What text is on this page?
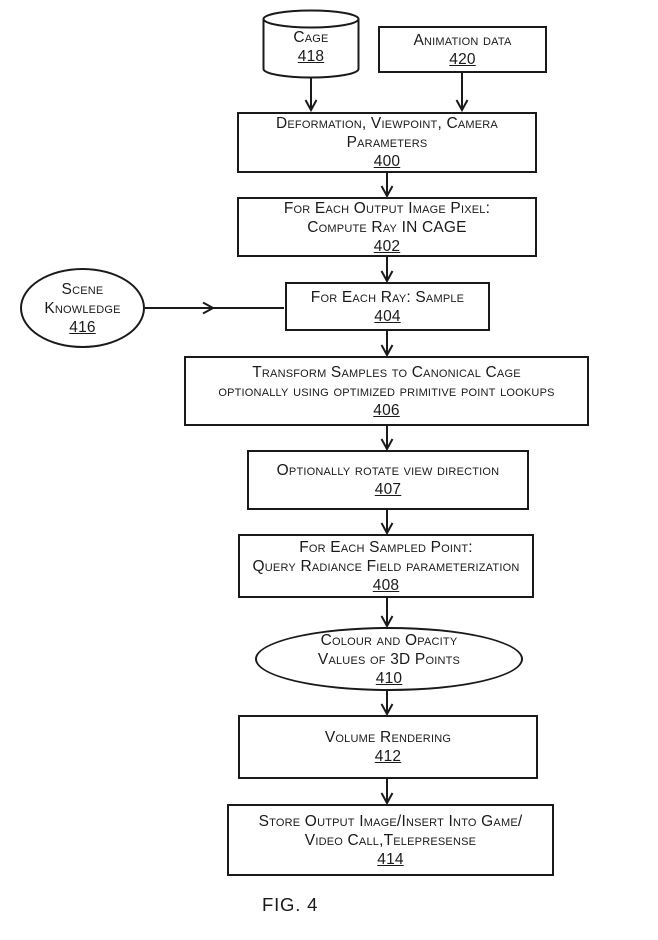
Cage
418
Animation data
420
Deformation, Viewpoint, Camera
Parameters
400
For Each Output Image Pixel:
Compute Ray IN CAGE
402
Scene
Knowledge
416
For Each Ray: Sample
404
Transform Samples to Canonical Cage
optionally using optimized primitive point lookups
406
Optionally rotate view direction
407
For Each Sampled Point:
Query Radiance Field parameterization
408
Colour and Opacity
Values of 3D Points
410
Volume Rendering
412
Store Output Image/Insert Into Game/
Video Call,Telepresense
414
FIG. 4
